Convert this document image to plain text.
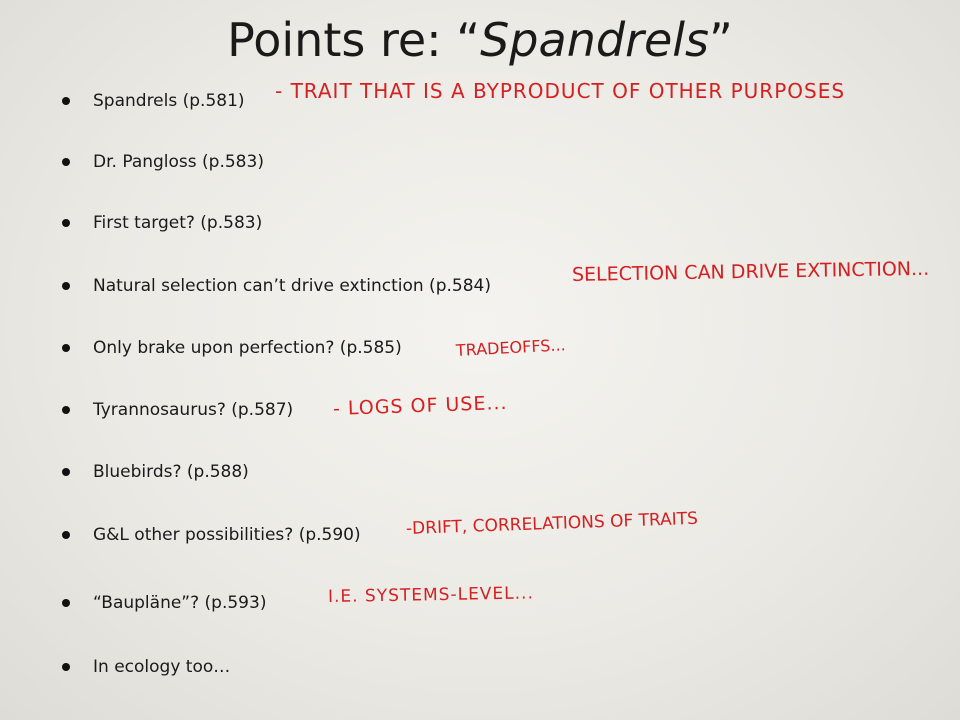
Points re: “Spandrels”
Spandrels (p.581)
Dr. Pangloss (p.583)
First target? (p.583)
Natural selection can’t drive extinction (p.584)
Only brake upon perfection? (p.585)
Tyrannosaurus? (p.587)
Bluebirds? (p.588)
G&L other possibilities? (p.590)
“Baupläne”? (p.593)
In ecology too…
- TRAIT THAT IS A BYPRODUCT OF OTHER PURPOSES
SELECTION CAN DRIVE EXTINCTION...
TRADEOFFS...
- LOGS OF USE...
-DRIFT, CORRELATIONS OF TRAITS
I.E. SYSTEMS-LEVEL...
